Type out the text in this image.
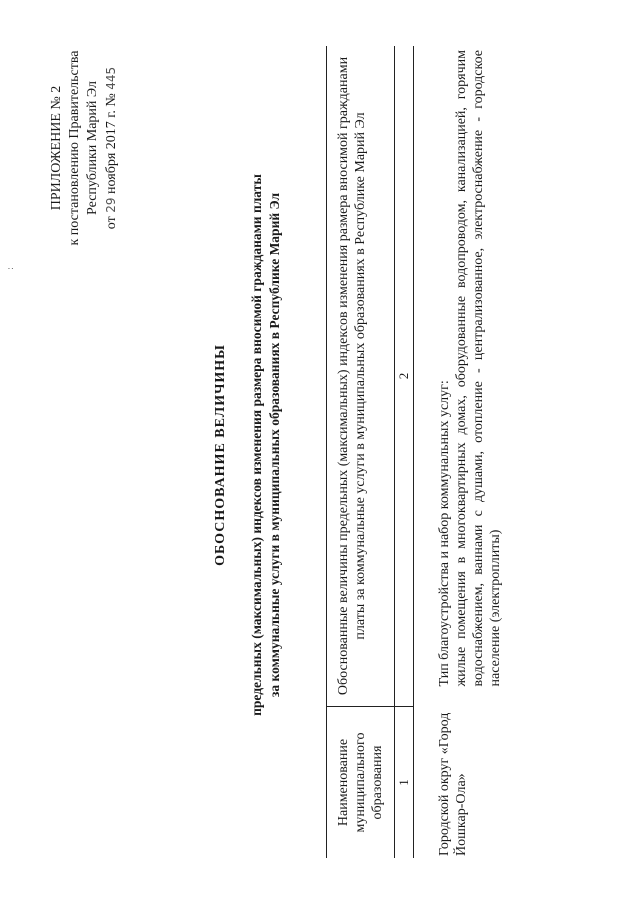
:
ПРИЛОЖЕНИЕ № 2 к постановлению Правительства Республики Марий Эл
от 29 ноября 2017 г. № 445
ОБОСНОВАНИЕ ВЕЛИЧИНЫ предельных (максимальных) индексов изменения размера вносимой гражданами платы за коммунальные услуги в муниципальных образованиях в Республике Марий Эл
Наименование муниципального образования	Обоснованные величины предельных (максимальных) индексов изменения размера вносимой гражданами платы за коммунальные услуги в муниципальных образованиях в Республике Марий Эл
1	2
Городской округ «Город Йошкар-Ола»	Тип благоустройства и набор коммунальных услуг: жилые помещения в многоквартирных домах, оборудованные водопроводом, канализацией, горячим водоснабжением, ваннами с душами, отопление - централизованное, электроснабжение - городское население (электроплиты)
